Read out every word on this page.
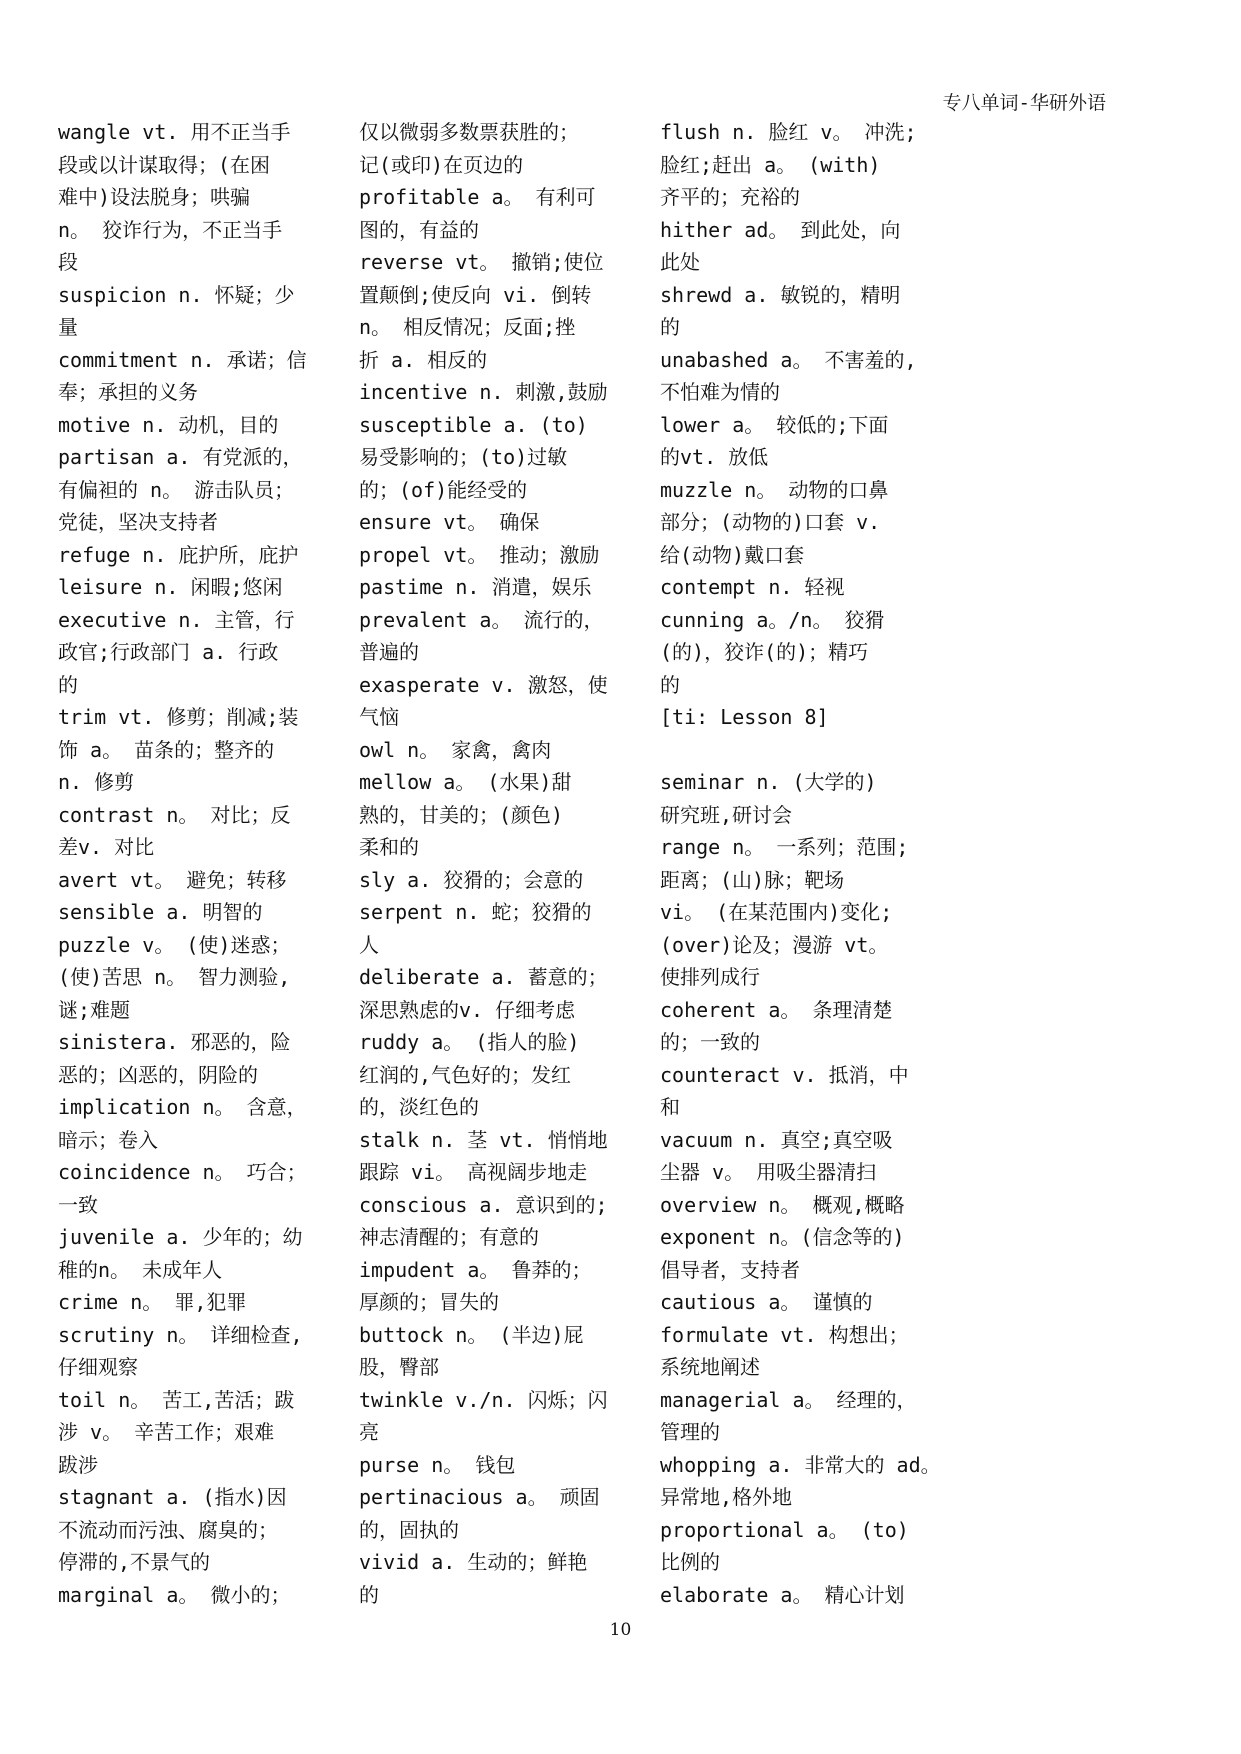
专八单词-华研外语
wangle vt. 用不正当手
段或以计谋取得；(在困
难中)设法脱身；哄骗
n。 狡诈行为，不正当手
段
suspicion n. 怀疑；少
量
commitment n. 承诺；信
奉；承担的义务
motive n. 动机，目的
partisan a. 有党派的，
有偏袒的 n。 游击队员；
党徒，坚决支持者
refuge n. 庇护所，庇护
leisure n. 闲暇;悠闲
executive n. 主管，行
政官;行政部门 a. 行政
的
trim vt. 修剪；削减;装
饰 a。 苗条的；整齐的
n. 修剪
contrast n。 对比；反
差v. 对比
avert vt。 避免；转移
sensible a. 明智的
puzzle v。 (使)迷惑；
(使)苦思 n。 智力测验,
谜;难题
sinistera. 邪恶的，险
恶的；凶恶的，阴险的
implication n。 含意，
暗示；卷入
coincidence n。 巧合；
一致
juvenile a. 少年的；幼
稚的n。 未成年人
crime n。 罪,犯罪
scrutiny n。 详细检查,
仔细观察
toil n。 苦工,苦活；跋
涉 v。 辛苦工作；艰难
跋涉
stagnant a. (指水)因
不流动而污浊、腐臭的；
停滞的,不景气的
marginal a。 微小的；
仅以微弱多数票获胜的；
记(或印)在页边的
profitable a。 有利可
图的，有益的
reverse vt。 撤销;使位
置颠倒;使反向 vi. 倒转
n。 相反情况；反面;挫
折 a. 相反的
incentive n. 刺激,鼓励
susceptible a. (to)
易受影响的；(to)过敏
的；(of)能经受的
ensure vt。 确保
propel vt。 推动；激励
pastime n. 消遣，娱乐
prevalent a。 流行的，
普遍的
exasperate v. 激怒，使
气恼
owl n。 家禽，禽肉
mellow a。 (水果)甜
熟的，甘美的；(颜色)
柔和的
sly a. 狡猾的；会意的
serpent n. 蛇；狡猾的
人
deliberate a. 蓄意的；
深思熟虑的v. 仔细考虑
ruddy a。 (指人的脸)
红润的,气色好的；发红
的，淡红色的
stalk n. 茎 vt. 悄悄地
跟踪 vi。 高视阔步地走
conscious a. 意识到的;
神志清醒的；有意的
impudent a。 鲁莽的；
厚颜的；冒失的
buttock n。 (半边)屁
股，臀部
twinkle v./n. 闪烁；闪
亮
purse n。 钱包
pertinacious a。 顽固
的，固执的
vivid a. 生动的；鲜艳
的
flush n. 脸红 v。 冲洗;
脸红;赶出 a。 (with)
齐平的；充裕的
hither ad。 到此处，向
此处
shrewd a. 敏锐的，精明
的
unabashed a。 不害羞的,
不怕难为情的
lower a。 较低的;下面
的vt. 放低
muzzle n。 动物的口鼻
部分；(动物的)口套 v.
给(动物)戴口套
contempt n. 轻视
cunning a。/n。 狡猾
(的)，狡诈(的)；精巧
的
[ti: Lesson 8]
seminar n. (大学的)
研究班,研讨会
range n。 一系列；范围;
距离；(山)脉；靶场
vi。 (在某范围内)变化;
(over)论及；漫游 vt。
使排列成行
coherent a。 条理清楚
的；一致的
counteract v. 抵消，中
和
vacuum n. 真空;真空吸
尘器 v。 用吸尘器清扫
overview n。 概观,概略
exponent n。(信念等的)
倡导者，支持者
cautious a。 谨慎的
formulate vt. 构想出；
系统地阐述
managerial a。 经理的，
管理的
whopping a. 非常大的 ad。
异常地,格外地
proportional a。 (to)
比例的
elaborate a。 精心计划
10
